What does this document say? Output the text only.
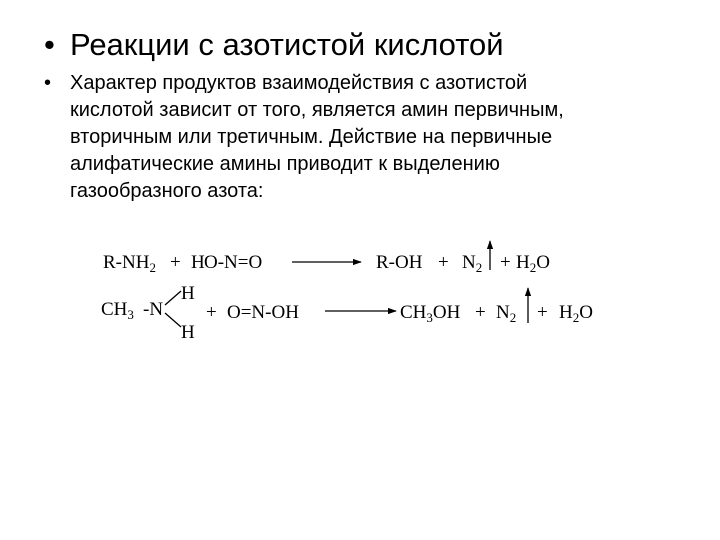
• Реакции с азотистой кислотой
• Характер продуктов взаимодействия с азотистой
кислотой зависит от того, является амин первичным,
вторичным или третичным. Действие на первичные
алифатические амины приводит к выделению
газообразного азота:
$R-NH_2 + H$ O-N=O	$R-OH + N_2 + H_2O$
$CH_3$ -N
H
H
+ O=N-OH	$CH_3OH + N_2 + H_2O$
